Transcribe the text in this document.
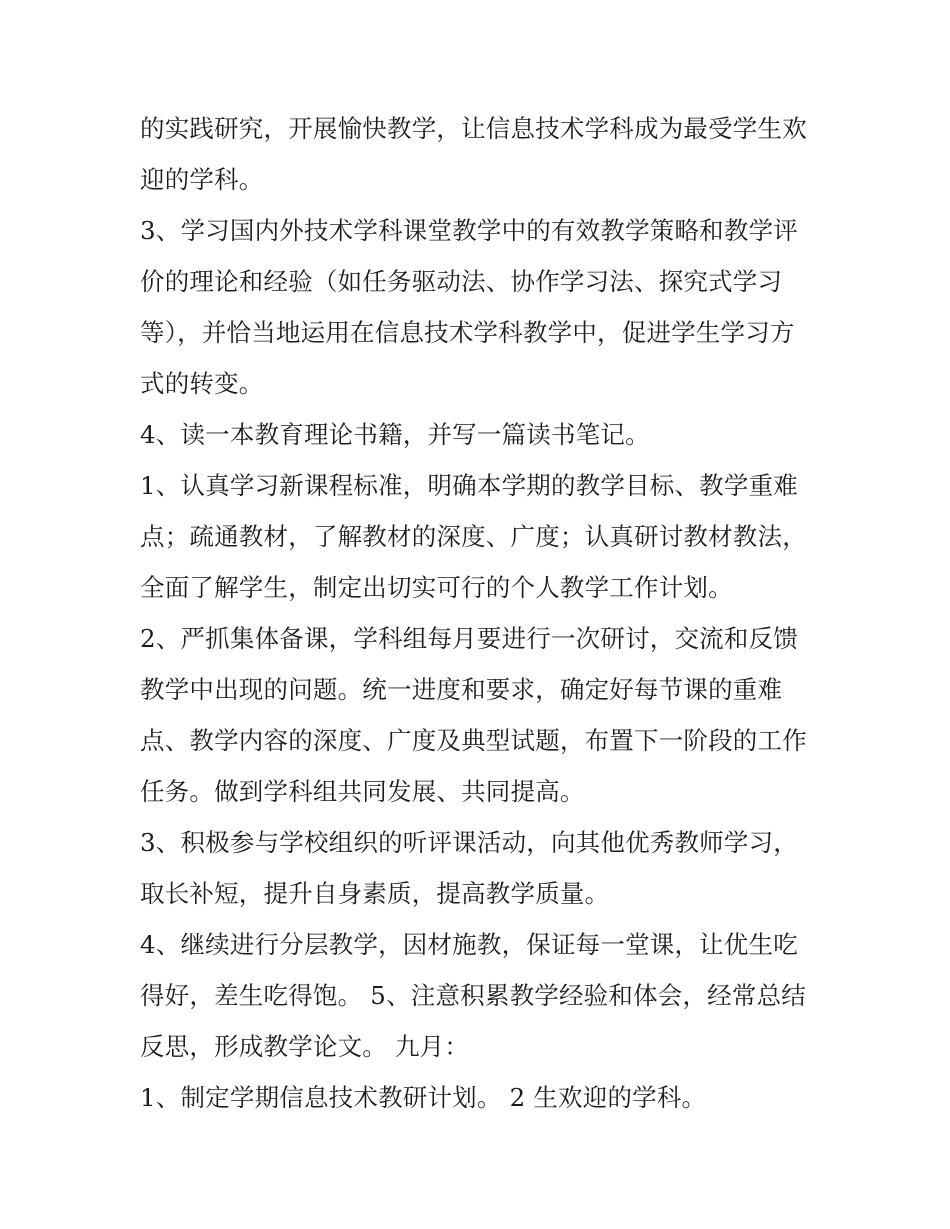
的实践研究，开展愉快教学，让信息技术学科成为最受学生欢
迎的学科。
3、学习国内外技术学科课堂教学中的有效教学策略和教学评
价的理论和经验（如任务驱动法、协作学习法、探究式学习
等），并恰当地运用在信息技术学科教学中，促进学生学习方
式的转变。
4、读一本教育理论书籍，并写一篇读书笔记。
1、认真学习新课程标准，明确本学期的教学目标、教学重难
点；疏通教材，了解教材的深度、广度；认真研讨教材教法，
全面了解学生，制定出切实可行的个人教学工作计划。
2、严抓集体备课，学科组每月要进行一次研讨，交流和反馈
教学中出现的问题。统一进度和要求，确定好每节课的重难
点、教学内容的深度、广度及典型试题，布置下一阶段的工作
任务。做到学科组共同发展、共同提高。
3、积极参与学校组织的听评课活动，向其他优秀教师学习，
取长补短，提升自身素质，提高教学质量。
4、继续进行分层教学，因材施教，保证每一堂课，让优生吃
得好，差生吃得饱。 5、注意积累教学经验和体会，经常总结
反思，形成教学论文。 九月：
1、制定学期信息技术教研计划。 2 生欢迎的学科。
